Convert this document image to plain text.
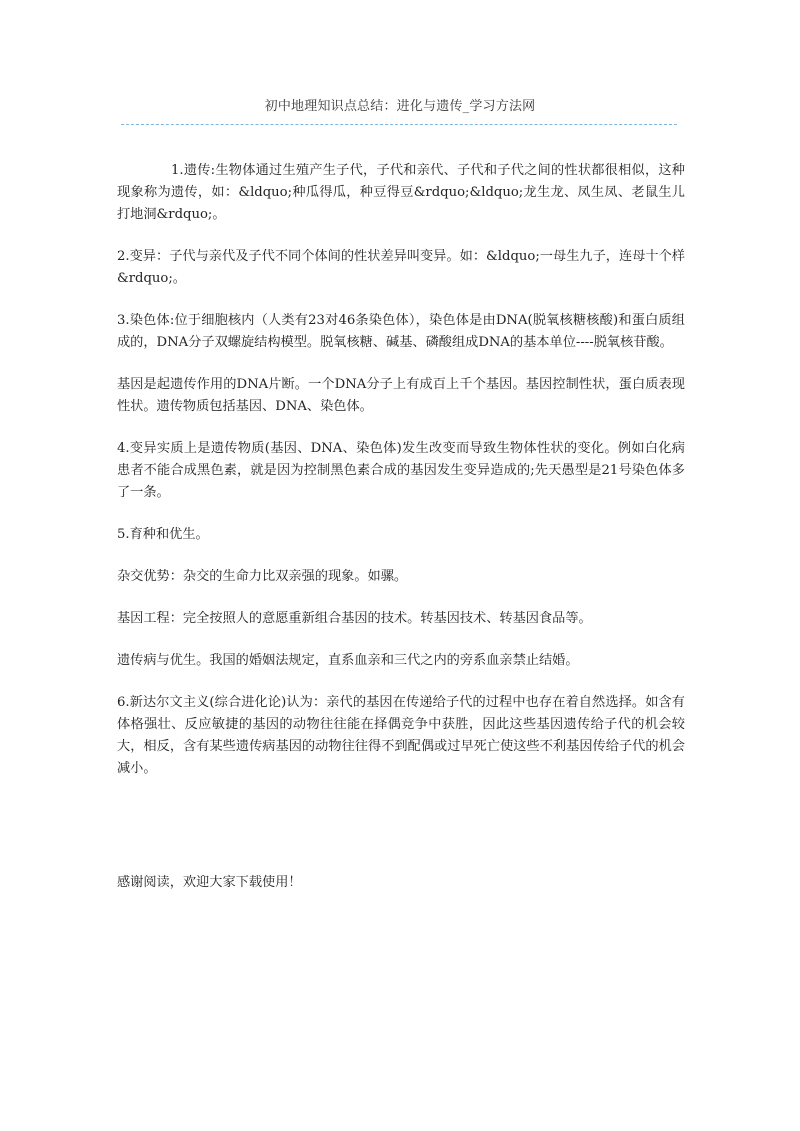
初中地理知识点总结：进化与遗传_学习方法网

1.遗传:生物体通过生殖产生子代，子代和亲代、子代和子代之间的性状都很相似，这种现象称为遗传，如：&ldquo;种瓜得瓜，种豆得豆&rdquo;&ldquo;龙生龙、凤生凤、老鼠生儿打地洞&rdquo;。

2.变异：子代与亲代及子代不同个体间的性状差异叫变异。如：&ldquo;一母生九子，连母十个样&rdquo;。

3.染色体:位于细胞核内（人类有23对46条染色体），染色体是由DNA(脱氧核糖核酸)和蛋白质组成的，DNA分子双螺旋结构模型。脱氧核糖、碱基、磷酸组成DNA的基本单位----脱氧核苷酸。

基因是起遗传作用的DNA片断。一个DNA分子上有成百上千个基因。基因控制性状，蛋白质表现性状。遗传物质包括基因、DNA、染色体。

4.变异实质上是遗传物质(基因、DNA、染色体)发生改变而导致生物体性状的变化。例如白化病患者不能合成黑色素，就是因为控制黑色素合成的基因发生变异造成的;先天愚型是21号染色体多了一条。

5.育种和优生。

杂交优势：杂交的生命力比双亲强的现象。如骡。

基因工程：完全按照人的意愿重新组合基因的技术。转基因技术、转基因食品等。

遗传病与优生。我国的婚姻法规定，直系血亲和三代之内的旁系血亲禁止结婚。

6.新达尔文主义(综合进化论)认为：亲代的基因在传递给子代的过程中也存在着自然选择。如含有体格强壮、反应敏捷的基因的动物往往能在择偶竞争中获胜，因此这些基因遗传给子代的机会较大，相反，含有某些遗传病基因的动物往往得不到配偶或过早死亡使这些不利基因传给子代的机会减小。

感谢阅读，欢迎大家下载使用！
